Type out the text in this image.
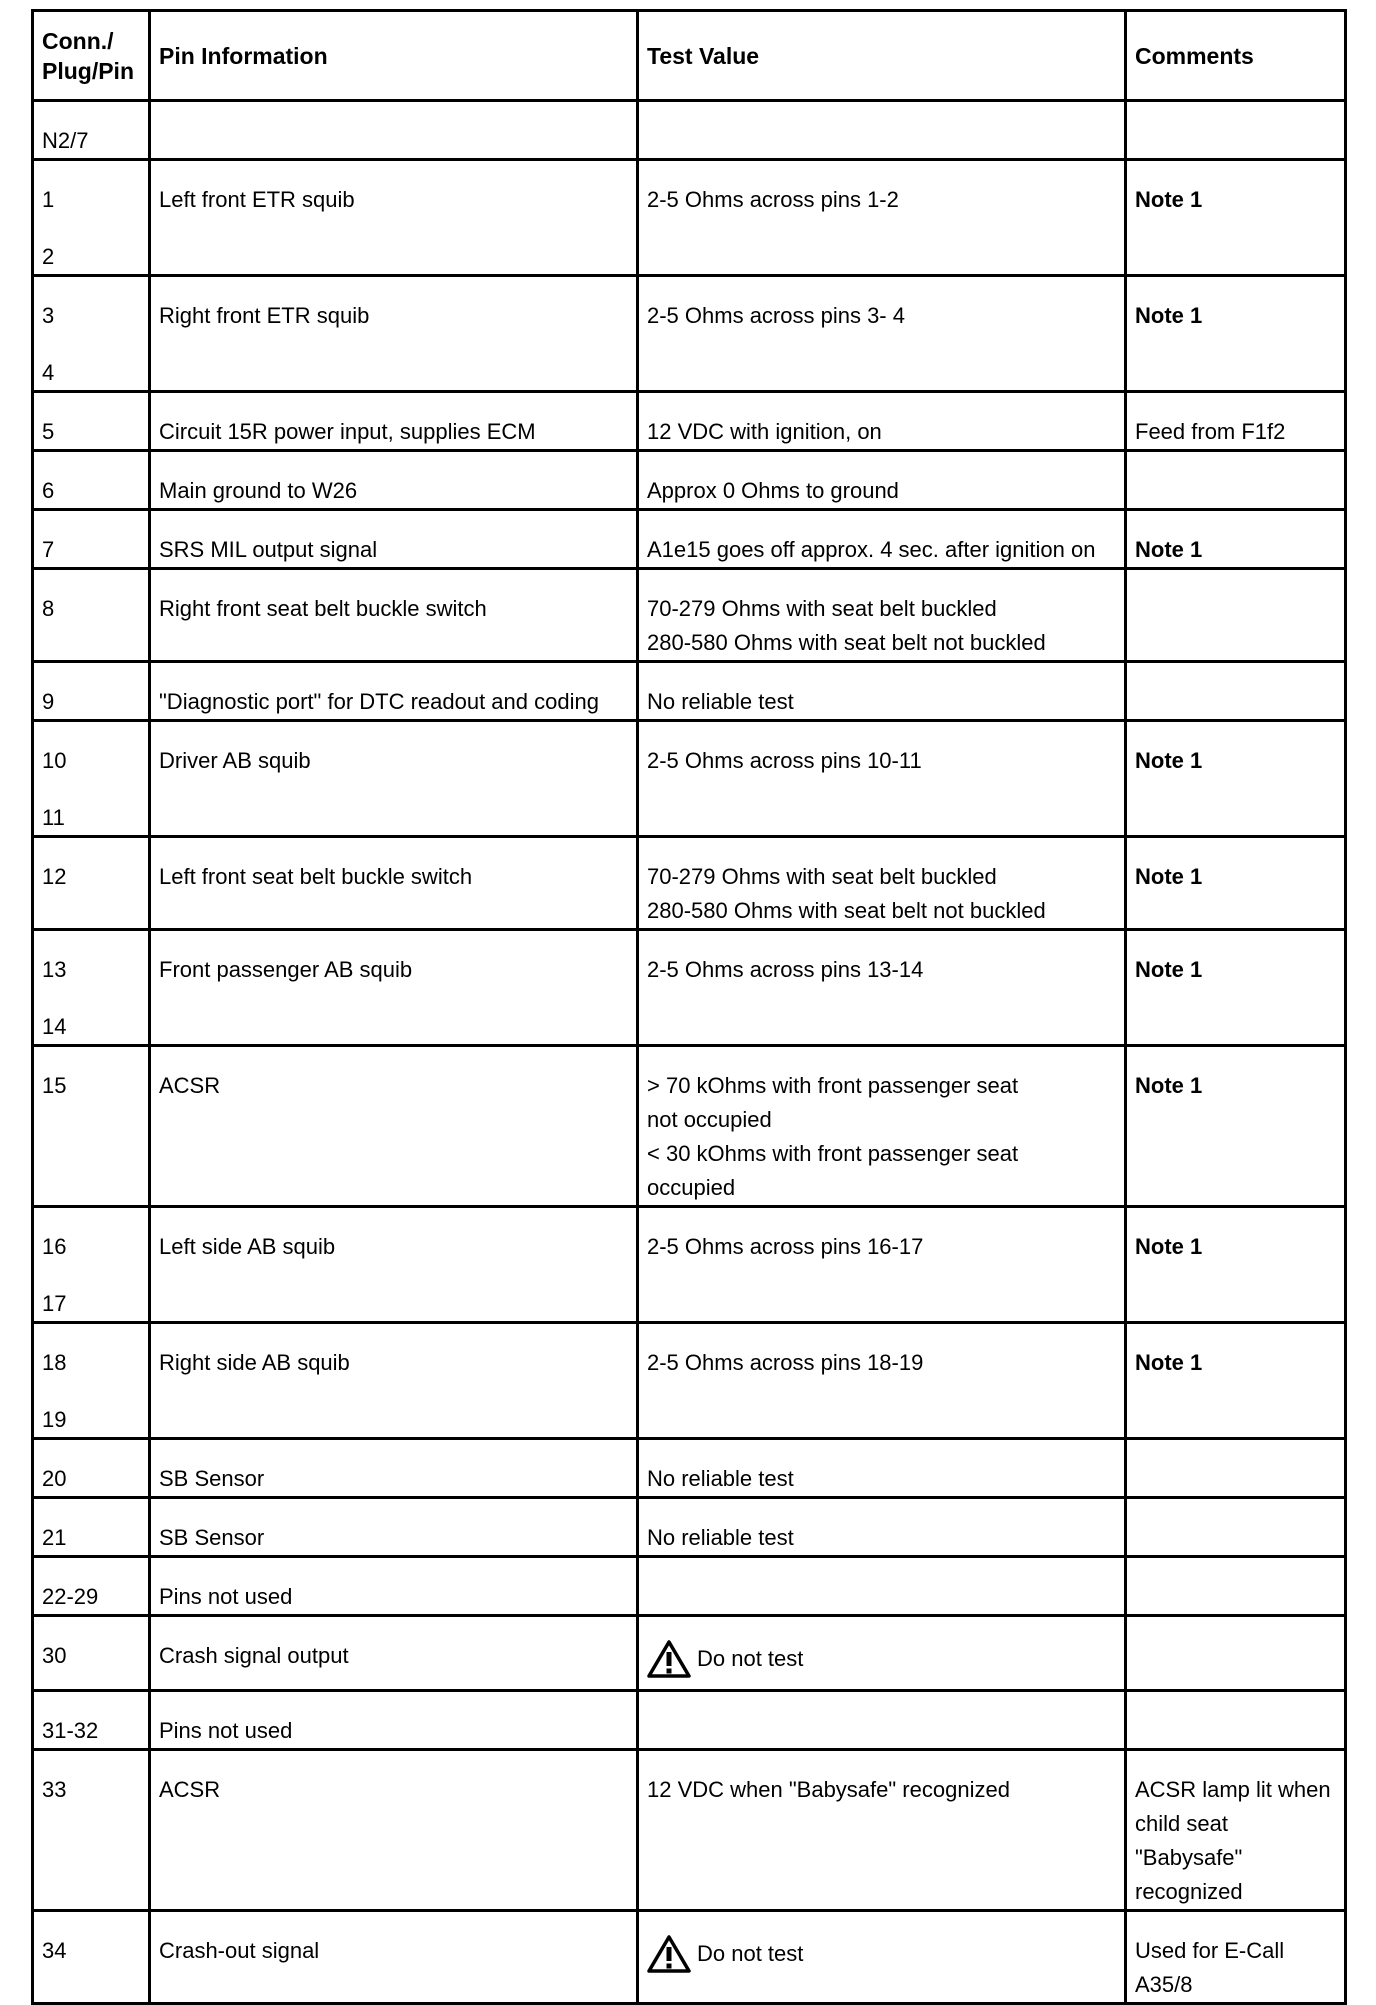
Conn./
Plug/Pin	Pin Information	Test Value	Comments

N2/7			

1
2	Left front ETR squib	2-5 Ohms across pins 1-2	Note 1

3
4	Right front ETR squib	2-5 Ohms across pins 3- 4	Note 1

5	Circuit 15R power input, supplies ECM	12 VDC with ignition, on	Feed from F1f2

6	Main ground to W26	Approx 0 Ohms to ground	

7	SRS MIL output signal	A1e15 goes off approx. 4 sec. after ignition on	Note 1

8	Right front seat belt buckle switch	70-279 Ohms with seat belt buckled
280-580 Ohms with seat belt not buckled	

9	"Diagnostic port" for DTC readout and coding	No reliable test	

10
11	Driver AB squib	2-5 Ohms across pins 10-11	Note 1

12	Left front seat belt buckle switch	70-279 Ohms with seat belt buckled
280-580 Ohms with seat belt not buckled	Note 1

13
14	Front passenger AB squib	2-5 Ohms across pins 13-14	Note 1

15	ACSR	> 70 kOhms with front passenger seat
not occupied
< 30 kOhms with front passenger seat
occupied	Note 1

16
17	Left side AB squib	2-5 Ohms across pins 16-17	Note 1

18
19	Right side AB squib	2-5 Ohms across pins 18-19	Note 1

20	SB Sensor	No reliable test	

21	SB Sensor	No reliable test	

22-29	Pins not used		

30	Crash signal output	Do not test	

31-32	Pins not used		

33	ACSR	12 VDC when "Babysafe" recognized	ACSR lamp lit when
child seat
"Babysafe"
recognized

34	Crash-out signal	Do not test	Used for E-Call
A35/8
